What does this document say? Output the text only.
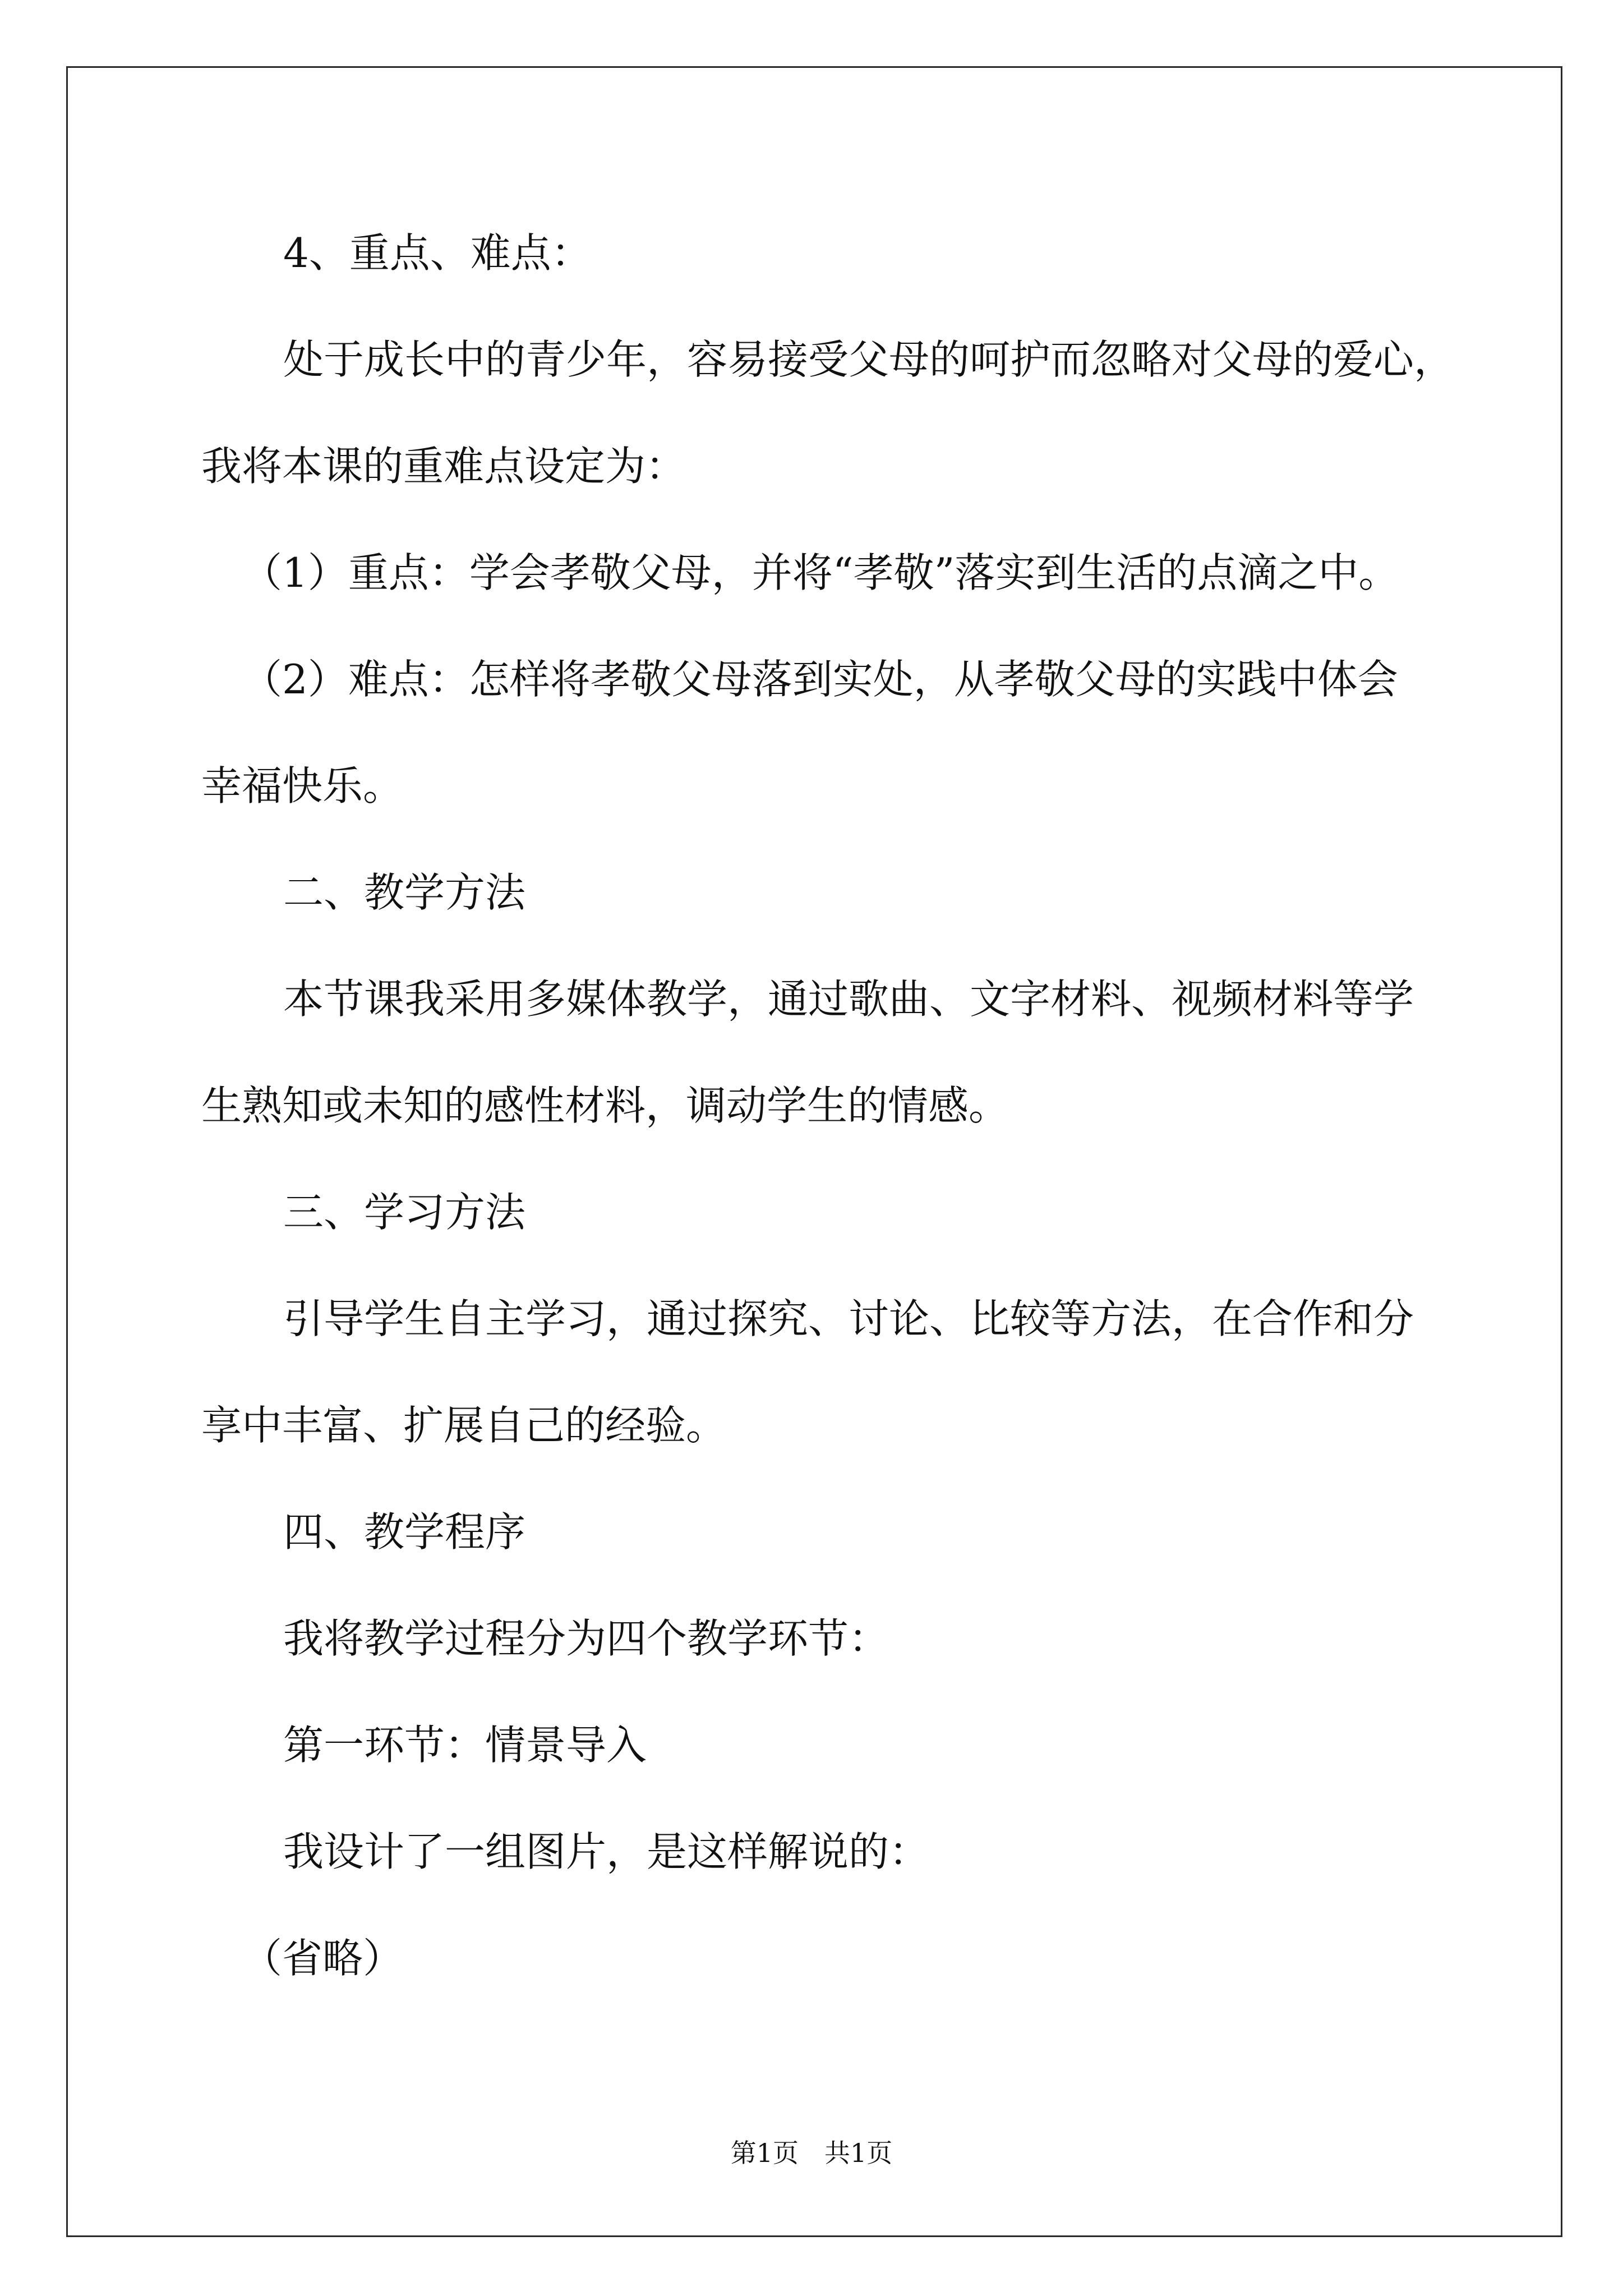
4、重点、难点：
处于成长中的青少年，容易接受父母的呵护而忽略对父母的爱心，
我将本课的重难点设定为：
（1）重点：学会孝敬父母，并将“孝敬”落实到生活的点滴之中。
（2）难点：怎样将孝敬父母落到实处，从孝敬父母的实践中体会
幸福快乐。
二、教学方法
本节课我采用多媒体教学，通过歌曲、文字材料、视频材料等学
生熟知或未知的感性材料，调动学生的情感。
三、学习方法
引导学生自主学习，通过探究、讨论、比较等方法，在合作和分
享中丰富、扩展自己的经验。
四、教学程序
我将教学过程分为四个教学环节：
第一环节：情景导入
我设计了一组图片，是这样解说的：
（省略）
第1页　共1页
